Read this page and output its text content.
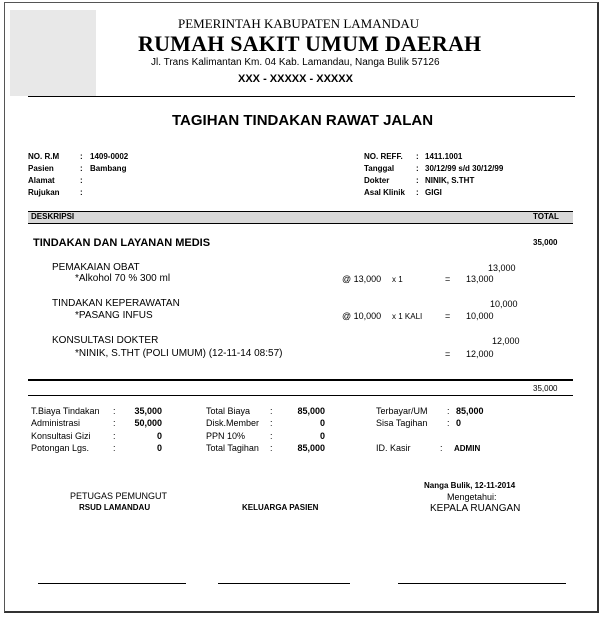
PEMERINTAH KABUPATEN LAMANDAU
RUMAH SAKIT UMUM DAERAH
Jl. Trans Kalimantan Km. 04 Kab. Lamandau, Nanga Bulik 57126
XXX - XXXXX - XXXXX
TAGIHAN TINDAKAN RAWAT JALAN
NO. R.M	: 1409-0002
Pasien	: Bambang
Alamat	:
Rujukan	:
NO. REFF. : 1411.1001
Tanggal	: 30/12/99 s/d 30/12/99
Dokter	: NINIK, S.THT
Asal Klinik : GIGI
DESKRIPSI	TOTAL
TINDAKAN DAN LAYANAN MEDIS	35,000
PEMAKAIAN OBAT	13,000
*Alkohol 70 % 300 ml	@ 13,000 x 1	= 13,000
TINDAKAN KEPERAWATAN	10,000
*PASANG INFUS	@ 10,000 x 1 KALI	= 10,000
KONSULTASI DOKTER	12,000
*NINIK, S.THT (POLI UMUM) (12-11-14 08:57)	= 12,000
35,000
T.Biaya Tindakan :	35,000
Administrasi	:	50,000
Konsultasi Gizi :	0
Potongan Lgs.	:	0
Total Biaya :	85,000
Disk.Member :	0
PPN 10%	:	0
Total Tagihan :	85,000
Terbayar/UM : 85,000
Sisa Tagihan : 0
ID. Kasir	: ADMIN
PETUGAS PEMUNGUT
RSUD LAMANDAU	KELUARGA PASIEN
Nanga Bulik, 12-11-2014
Mengetahui:
KEPALA RUANGAN
